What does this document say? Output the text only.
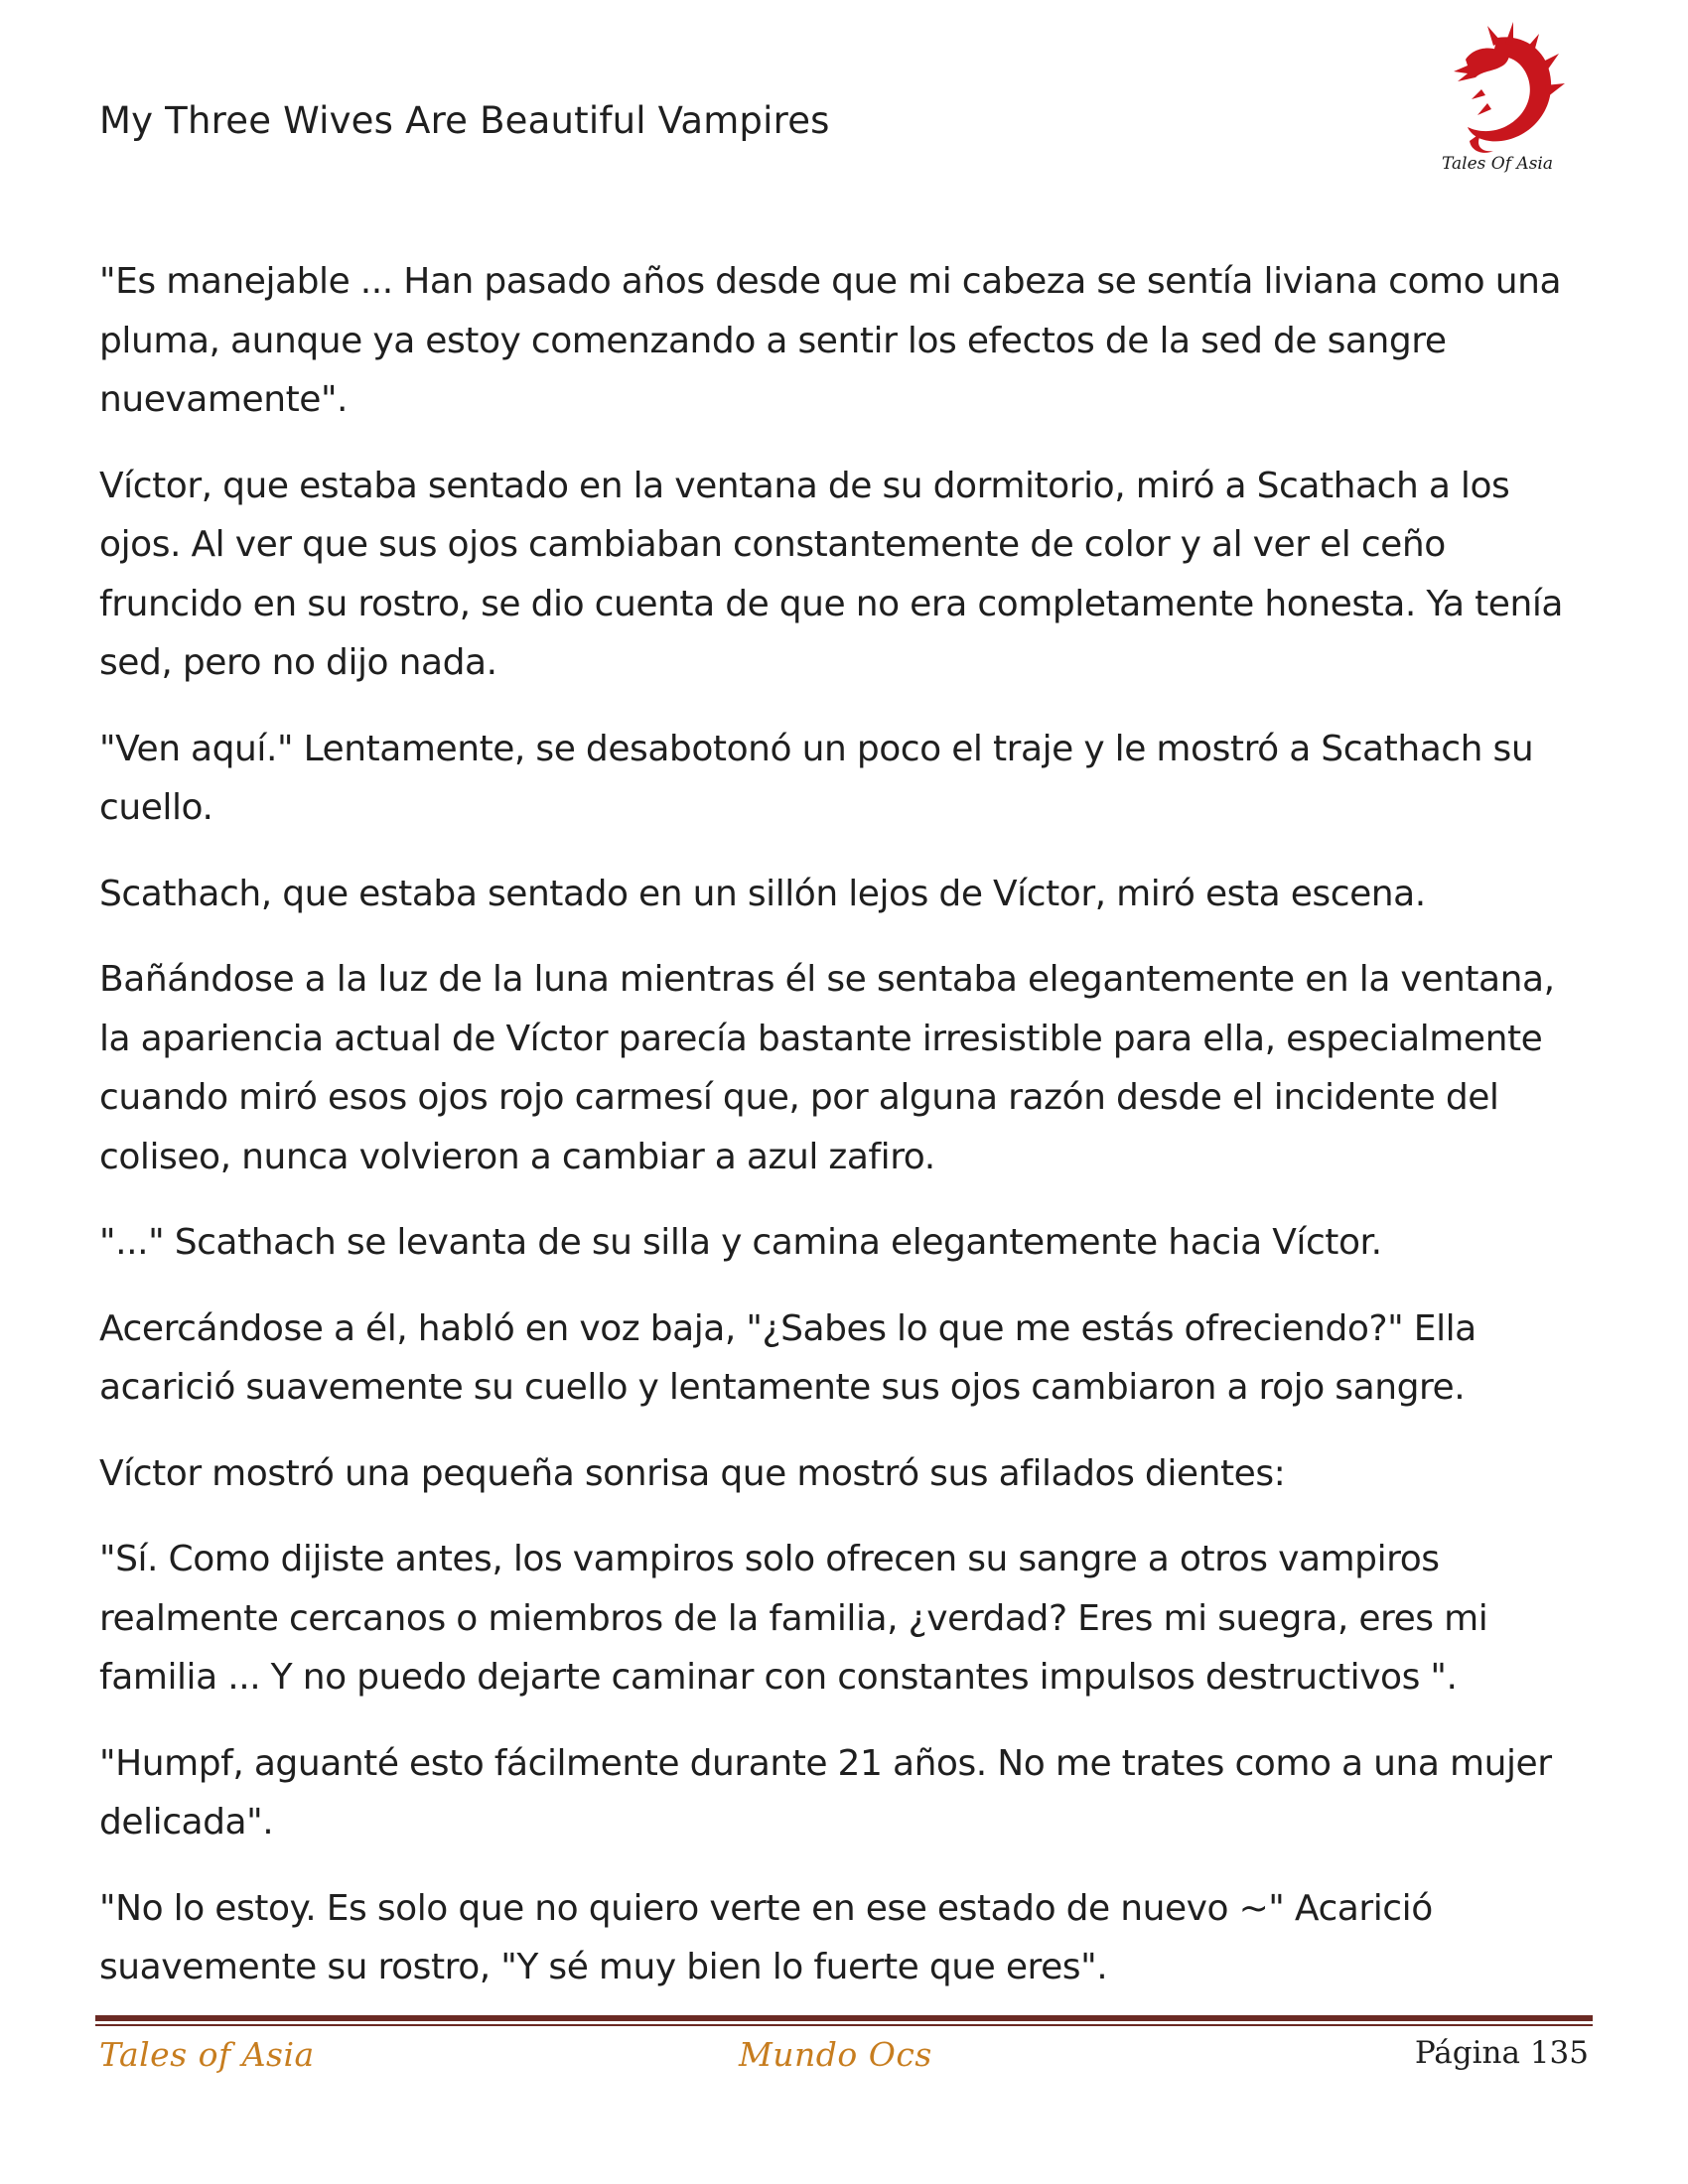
My Three Wives Are Beautiful Vampires
Tales Of Asia

"Es manejable ... Han pasado años desde que mi cabeza se sentía liviana como una pluma, aunque ya estoy comenzando a sentir los efectos de la sed de sangre nuevamente".

Víctor, que estaba sentado en la ventana de su dormitorio, miró a Scathach a los ojos. Al ver que sus ojos cambiaban constantemente de color y al ver el ceño fruncido en su rostro, se dio cuenta de que no era completamente honesta. Ya tenía sed, pero no dijo nada.

"Ven aquí." Lentamente, se desabotonó un poco el traje y le mostró a Scathach su cuello.

Scathach, que estaba sentado en un sillón lejos de Víctor, miró esta escena.

Bañándose a la luz de la luna mientras él se sentaba elegantemente en la ventana, la apariencia actual de Víctor parecía bastante irresistible para ella, especialmente cuando miró esos ojos rojo carmesí que, por alguna razón desde el incidente del coliseo, nunca volvieron a cambiar a azul zafiro.

"..." Scathach se levanta de su silla y camina elegantemente hacia Víctor.

Acercándose a él, habló en voz baja, "¿Sabes lo que me estás ofreciendo?" Ella acarició suavemente su cuello y lentamente sus ojos cambiaron a rojo sangre.

Víctor mostró una pequeña sonrisa que mostró sus afilados dientes:

"Sí. Como dijiste antes, los vampiros solo ofrecen su sangre a otros vampiros realmente cercanos o miembros de la familia, ¿verdad? Eres mi suegra, eres mi familia ... Y no puedo dejarte caminar con constantes impulsos destructivos ".

"Humpf, aguanté esto fácilmente durante 21 años. No me trates como a una mujer delicada".

"No lo estoy. Es solo que no quiero verte en ese estado de nuevo ~" Acarició suavemente su rostro, "Y sé muy bien lo fuerte que eres".

Tales of Asia	Mundo Ocs	Página 135
